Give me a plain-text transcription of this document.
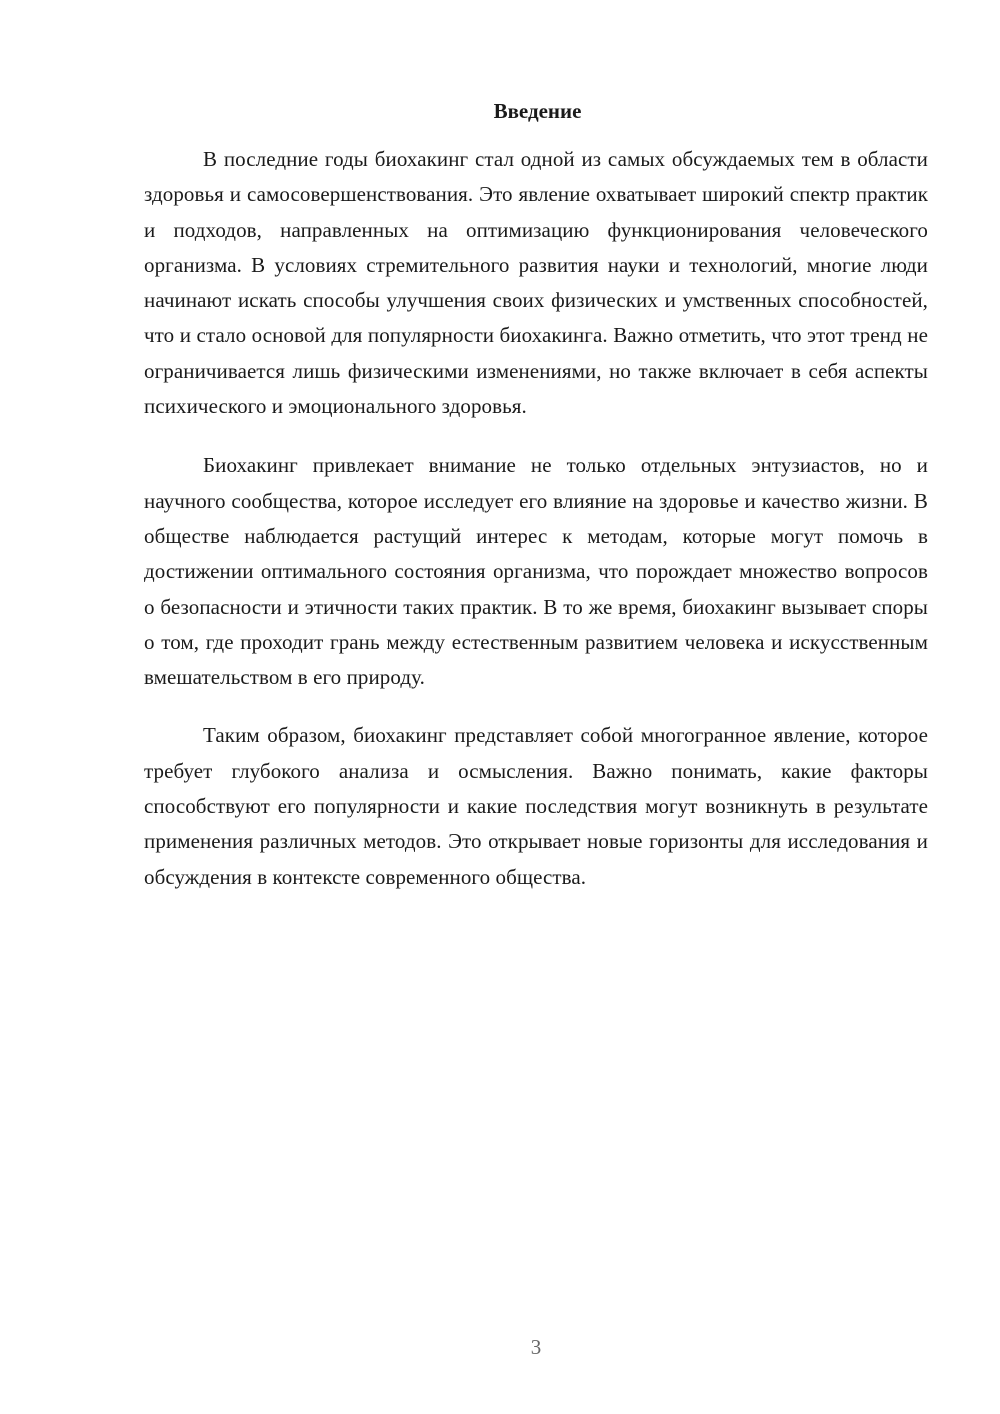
Введение

В последние годы биохакинг стал одной из самых обсуждаемых тем в области здоровья и самосовершенствования. Это явление охватывает широкий спектр практик и подходов, направленных на оптимизацию функционирования человеческого организма. В условиях стремительного развития науки и технологий, многие люди начинают искать способы улучшения своих физических и умственных способностей, что и стало основой для популярности биохакинга. Важно отметить, что этот тренд не ограничивается лишь физическими изменениями, но также включает в себя аспекты психического и эмоционального здоровья.

Биохакинг привлекает внимание не только отдельных энтузиастов, но и научного сообщества, которое исследует его влияние на здоровье и качество жизни. В обществе наблюдается растущий интерес к методам, которые могут помочь в достижении оптимального состояния организма, что порождает множество вопросов о безопасности и этичности таких практик. В то же время, биохакинг вызывает споры о том, где проходит грань между естественным развитием человека и искусственным вмешательством в его природу.

Таким образом, биохакинг представляет собой многогранное явление, которое требует глубокого анализа и осмысления. Важно понимать, какие факторы способствуют его популярности и какие последствия могут возникнуть в результате применения различных методов. Это открывает новые горизонты для исследования и обсуждения в контексте современного общества.

3
